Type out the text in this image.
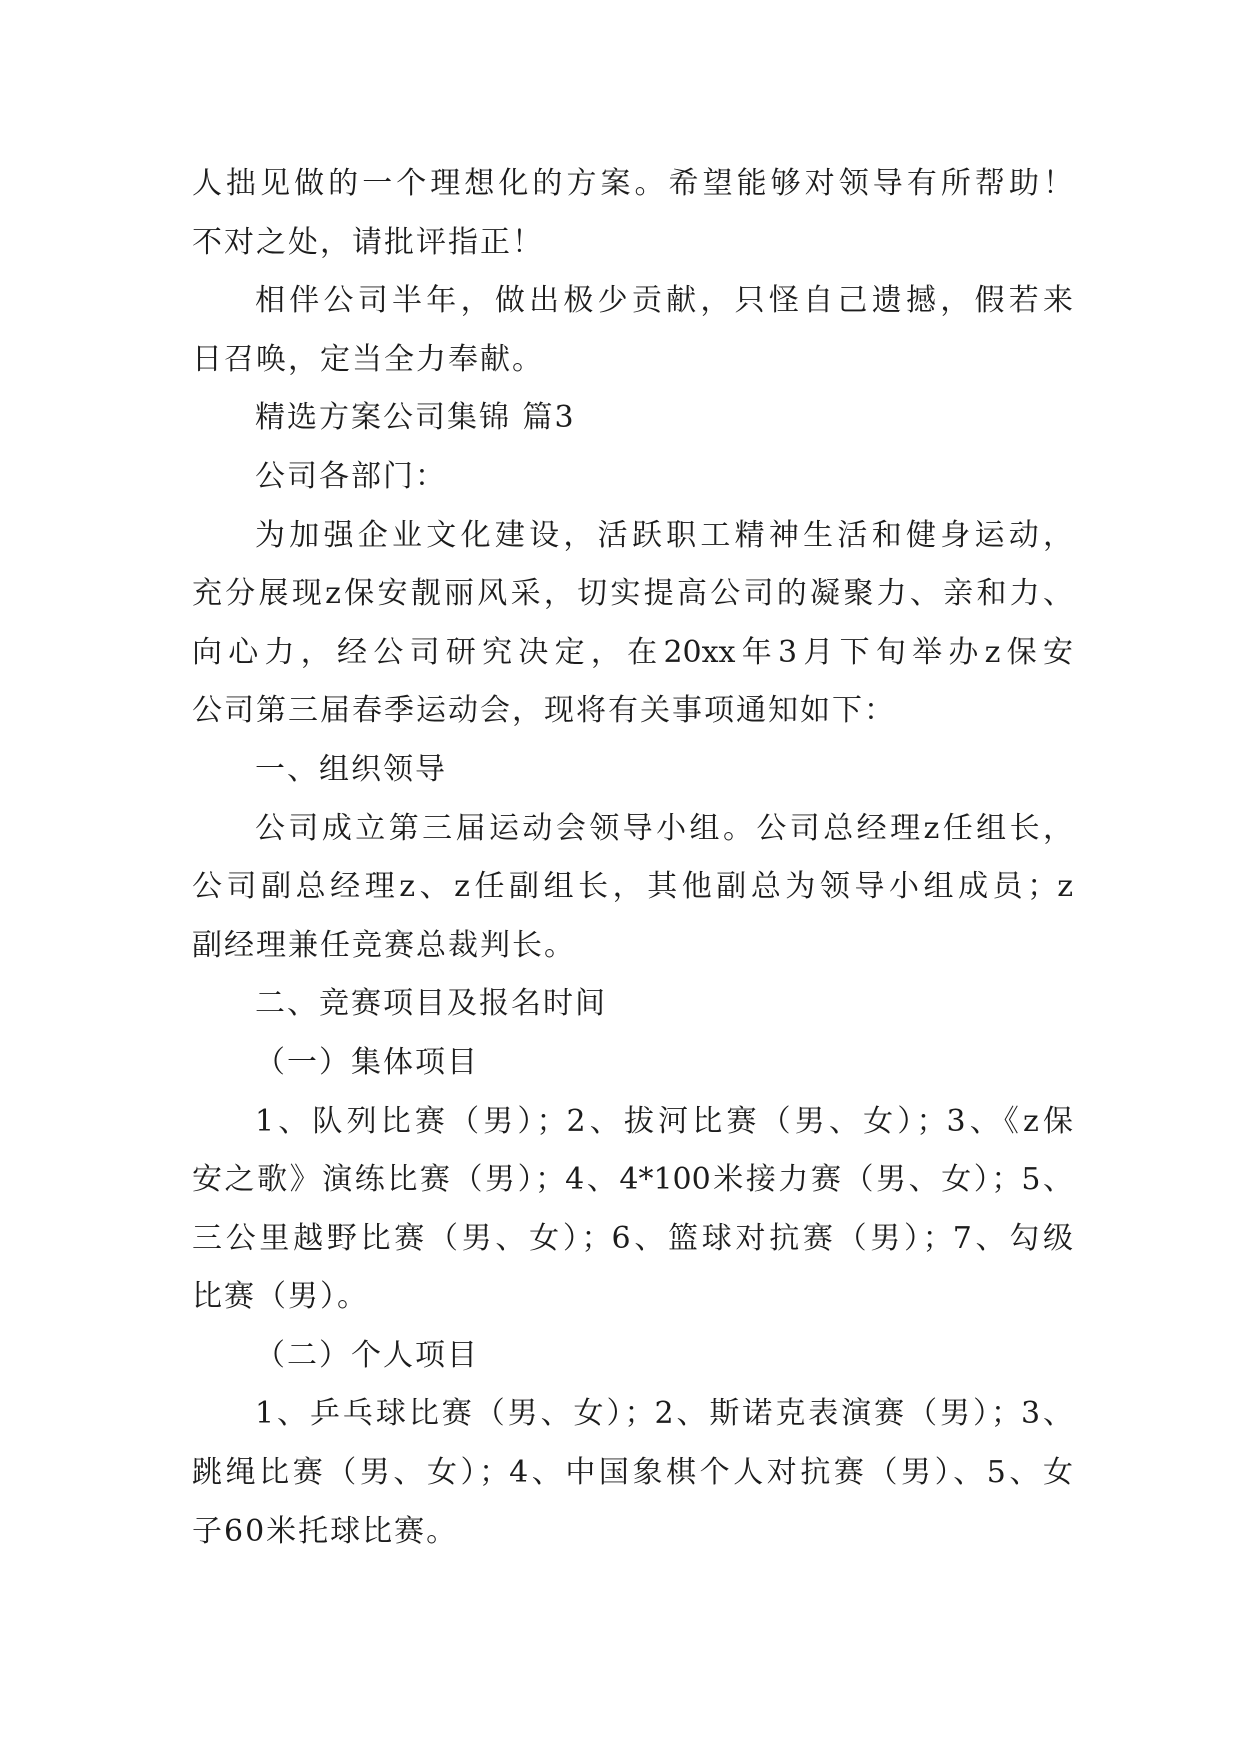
人拙见做的一个理想化的方案。希望能够对领导有所帮助！
不对之处，请批评指正！
相伴公司半年，做出极少贡献，只怪自己遗撼，假若来
日召唤，定当全力奉献。
精选方案公司集锦 篇3
公司各部门：
为加强企业文化建设，活跃职工精神生活和健身运动，
充分展现z保安靓丽风采，切实提高公司的凝聚力、亲和力、
向心力，经公司研究决定，在20xx年3月下旬举办z保安
公司第三届春季运动会，现将有关事项通知如下：
一、组织领导
公司成立第三届运动会领导小组。公司总经理z任组长，
公司副总经理z、z任副组长，其他副总为领导小组成员；z
副经理兼任竞赛总裁判长。
二、竞赛项目及报名时间
（一）集体项目
1、队列比赛（男）；2、拔河比赛（男、女）；3、《z保
安之歌》演练比赛（男）；4、4*100米接力赛（男、女）；5、
三公里越野比赛（男、女）；6、篮球对抗赛（男）；7、勾级
比赛（男）。
（二）个人项目
1、乒乓球比赛（男、女）；2、斯诺克表演赛（男）；3、
跳绳比赛（男、女）；4、中国象棋个人对抗赛（男）、5、女
子60米托球比赛。
